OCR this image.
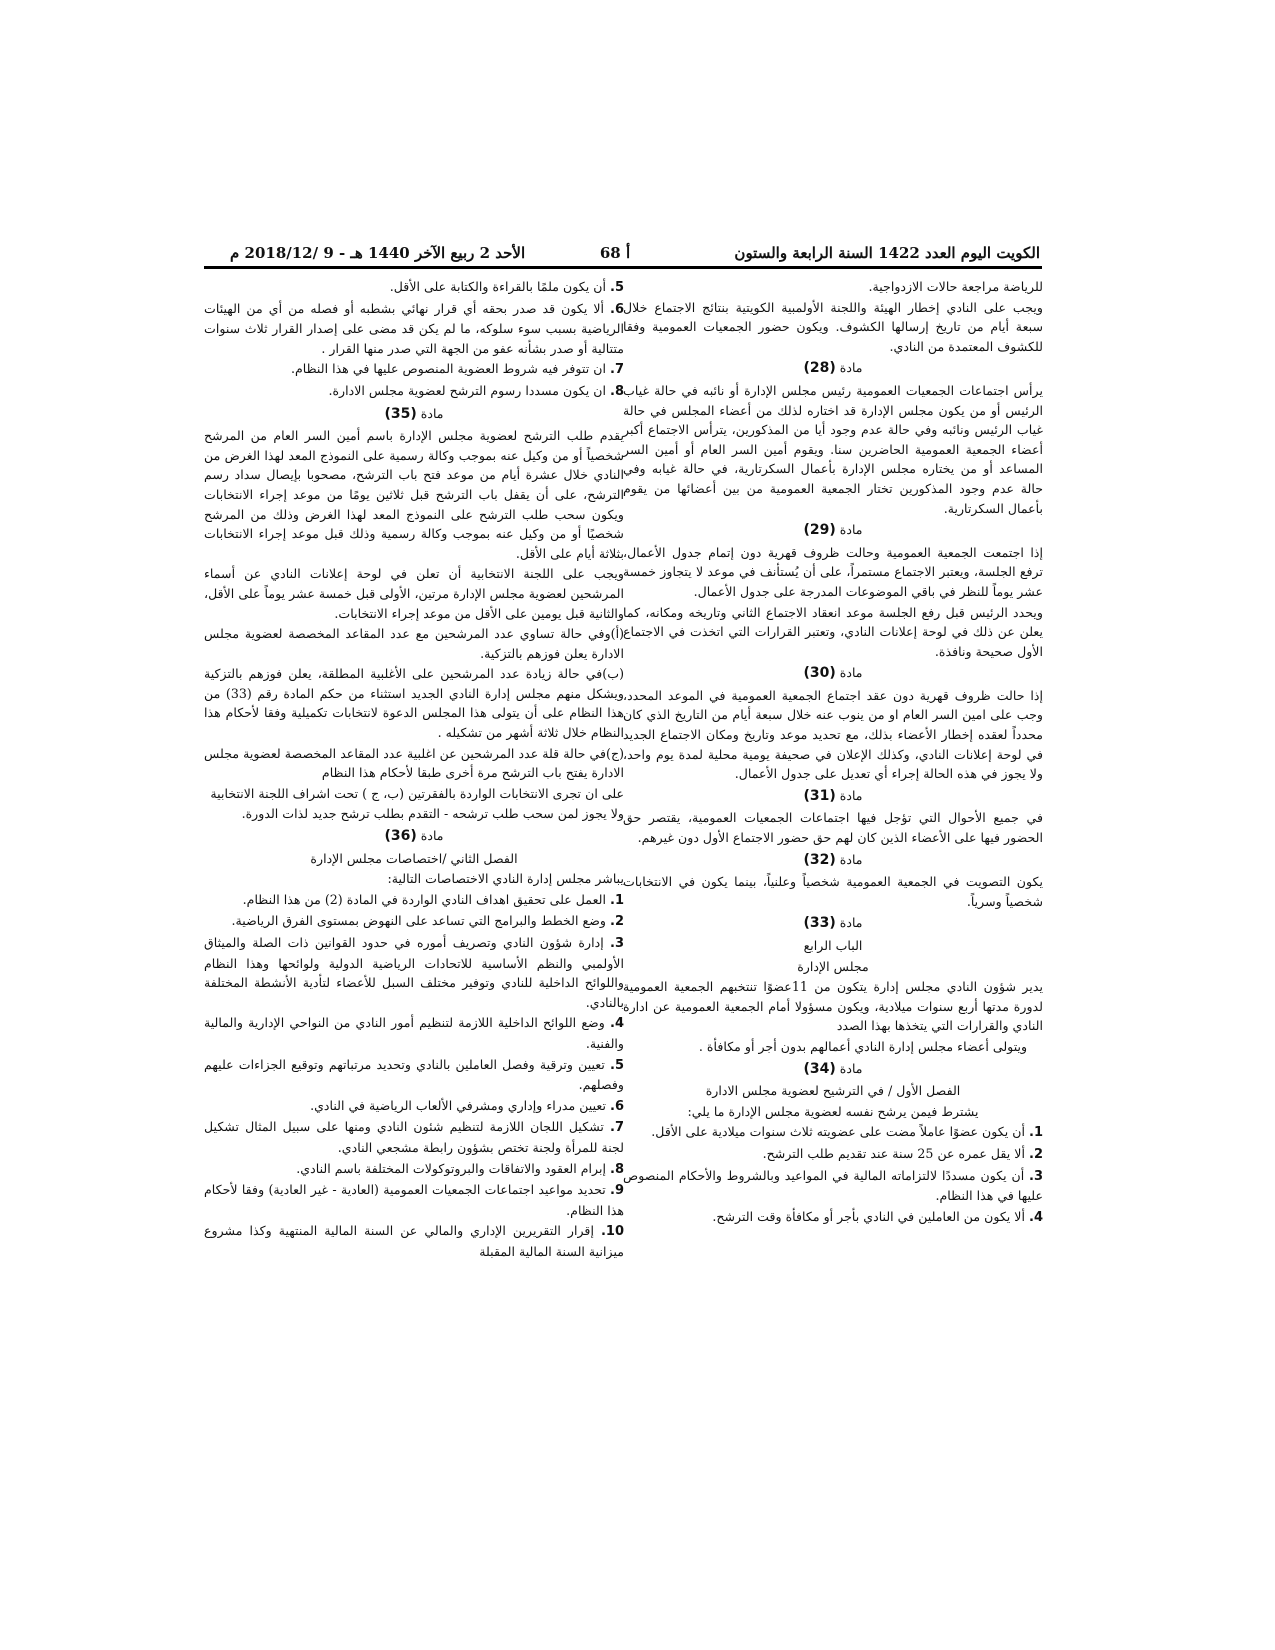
الكويت اليوم العدد 1422 السنة الرابعة والستون
أ 68
الأحد 2 ربيع الآخر 1440 هـ - 9 /2018/12 م
للرياضة مراجعة حالات الازدواجية.
ويجب على النادي إخطار الهيئة واللجنة الأولمبية الكويتية بنتائج الاجتماع خلال سبعة أيام من تاريخ إرسالها الكشوف. ويكون حضور الجمعيات العمومية وفقا للكشوف المعتمدة من النادي.
مادة (28)
يرأس اجتماعات الجمعيات العمومية رئيس مجلس الإدارة أو نائبه في حالة غياب الرئيس أو من يكون مجلس الإدارة قد اختاره لذلك من أعضاء المجلس في حالة غياب الرئيس ونائبه وفي حالة عدم وجود أيا من المذكورين، يترأس الاجتماع أكبر أعضاء الجمعية العمومية الحاضرين سنا. ويقوم أمين السر العام أو أمين السر المساعد أو من يختاره مجلس الإدارة بأعمال السكرتارية، في حالة غيابه وفي حالة عدم وجود المذكورين تختار الجمعية العمومية من بين أعضائها من يقوم بأعمال السكرتارية.
مادة (29)
إذا اجتمعت الجمعية العمومية وحالت ظروف قهرية دون إتمام جدول الأعمال، ترفع الجلسة، ويعتبر الاجتماع مستمراً، على أن يُستأنف في موعد لا يتجاوز خمسة عشر يوماً للنظر في باقي الموضوعات المدرجة على جدول الأعمال.
ويحدد الرئيس قبل رفع الجلسة موعد انعقاد الاجتماع الثاني وتاريخه ومكانه، كما يعلن عن ذلك في لوحة إعلانات النادي، وتعتبر القرارات التي اتخذت في الاجتماع الأول صحيحة ونافذة.
مادة (30)
إذا حالت ظروف قهرية دون عقد اجتماع الجمعية العمومية في الموعد المحدد، وجب على امين السر العام او من ينوب عنه خلال سبعة أيام من التاريخ الذي كان محدداً لعقده إخطار الأعضاء بذلك، مع تحديد موعد وتاريخ ومكان الاجتماع الجديد في لوحة إعلانات النادي، وكذلك الإعلان في صحيفة يومية محلية لمدة يوم واحد، ولا يجوز في هذه الحالة إجراء أي تعديل على جدول الأعمال.
مادة (31)
في جميع الأحوال التي تؤجل فيها اجتماعات الجمعيات العمومية، يقتصر حق الحضور فيها على الأعضاء الذين كان لهم حق حضور الاجتماع الأول دون غيرهم.
مادة (32)
يكون التصويت في الجمعية العمومية شخصياً وعلنياً، بينما يكون في الانتخابات شخصياً وسرياً.
مادة (33)
الباب الرابع
مجلس الإدارة
يدير شؤون النادي مجلس إدارة يتكون من 11عضوًا تنتخبهم الجمعية العمومية لدورة مدتها أربع سنوات ميلادية، ويكون مسؤولا أمام الجمعية العمومية عن ادارة النادي والقرارات التي يتخذها بهذا الصدد
ويتولى أعضاء مجلس إدارة النادي أعمالهم بدون أجر أو مكافأة .
مادة (34)
الفصل الأول / في الترشيح لعضوية مجلس الادارة
يشترط فيمن يرشح نفسه لعضوية مجلس الإدارة ما يلي:
1. أن يكون عضوًا عاملاً مضت على عضويته ثلاث سنوات ميلادية على الأقل.
2. ألا يقل عمره عن 25 سنة عند تقديم طلب الترشح.
3. أن يكون مسددًا لالتزاماته المالية في المواعيد وبالشروط والأحكام المنصوص عليها في هذا النظام.
4. ألا يكون من العاملين في النادي بأجر أو مكافأة وقت الترشح.
5. أن يكون ملمًا بالقراءة والكتابة على الأقل.
6. ألا يكون قد صدر بحقه أي قرار نهائي بشطبه أو فصله من أي من الهيئات الرياضية بسبب سوء سلوكه، ما لم يكن قد مضى على إصدار القرار ثلاث سنوات متتالية أو صدر بشأنه عفو من الجهة التي صدر منها القرار .
7. ان تتوفر فيه شروط العضوية المنصوص عليها في هذا النظام.
8. ان يكون مسددا رسوم الترشح لعضوية مجلس الادارة.
مادة (35)
يقدم طلب الترشح لعضوية مجلس الإدارة باسم أمين السر العام من المرشح شخصياً أو من وكيل عنه بموجب وكالة رسمية على النموذج المعد لهذا الغرض من النادي خلال عشرة أيام من موعد فتح باب الترشح، مصحوبا بإيصال سداد رسم الترشح، على أن يقفل باب الترشح قبل ثلاثين يومًا من موعد إجراء الانتخابات ويكون سحب طلب الترشح على النموذج المعد لهذا الغرض وذلك من المرشح شخصيًا أو من وكيل عنه بموجب وكالة رسمية وذلك قبل موعد إجراء الانتخابات بثلاثة أيام على الأقل.
ويجب على اللجنة الانتخابية أن تعلن في لوحة إعلانات النادي عن أسماء المرشحين لعضوية مجلس الإدارة مرتين، الأولى قبل خمسة عشر يوماً على الأقل، والثانية قبل يومين على الأقل من موعد إجراء الانتخابات.
(أ)وفي حالة تساوي عدد المرشحين مع عدد المقاعد المخصصة لعضوية مجلس الادارة يعلن فوزهم بالتزكية.
(ب)في حالة زيادة عدد المرشحين على الأغلبية المطلقة، يعلن فوزهم بالتزكية ويشكل منهم مجلس إدارة النادي الجديد استثناء من حكم المادة رقم (33) من هذا النظام على أن يتولى هذا المجلس الدعوة لانتخابات تكميلية وفقا لأحكام هذا النظام خلال ثلاثة أشهر من تشكيله .
(ج)في حالة قلة عدد المرشحين عن اغلبية عدد المقاعد المخصصة لعضوية مجلس الادارة يفتح باب الترشح مرة أخرى طبقا لأحكام هذا النظام
على ان تجرى الانتخابات الواردة بالفقرتين (ب، ج ) تحت اشراف اللجنة الانتخابية
ولا يجوز لمن سحب طلب ترشحه - التقدم بطلب ترشح جديد لذات الدورة.
مادة (36)
الفصل الثاني /اختصاصات مجلس الإدارة
يباشر مجلس إدارة النادي الاختصاصات التالية:
1. العمل على تحقيق اهداف النادي الواردة في المادة (2) من هذا النظام.
2. وضع الخطط والبرامج التي تساعد على النهوض بمستوى الفرق الرياضية.
3. إدارة شؤون النادي وتصريف أموره في حدود القوانين ذات الصلة والميثاق الأولمبي والنظم الأساسية للاتحادات الرياضية الدولية ولوائحها وهذا النظام واللوائح الداخلية للنادي وتوفير مختلف السبل للأعضاء لتأدية الأنشطة المختلفة بالنادي.
4. وضع اللوائح الداخلية اللازمة لتنظيم أمور النادي من النواحي الإدارية والمالية والفنية.
5. تعيين وترقية وفصل العاملين بالنادي وتحديد مرتباتهم وتوقيع الجزاءات عليهم وفصلهم.
6. تعيين مدراء وإداري ومشرفي الألعاب الرياضية في النادي.
7. تشكيل اللجان اللازمة لتنظيم شئون النادي ومنها على سبيل المثال تشكيل لجنة للمرأة ولجنة تختص بشؤون رابطة مشجعي النادي.
8. إبرام العقود والاتفاقات والبروتوكولات المختلفة باسم النادي.
9. تحديد مواعيد اجتماعات الجمعيات العمومية (العادية - غير العادية) وفقا لأحكام هذا النظام.
10. إقرار التقريرين الإداري والمالي عن السنة المالية المنتهية وكذا مشروع ميزانية السنة المالية المقبلة
